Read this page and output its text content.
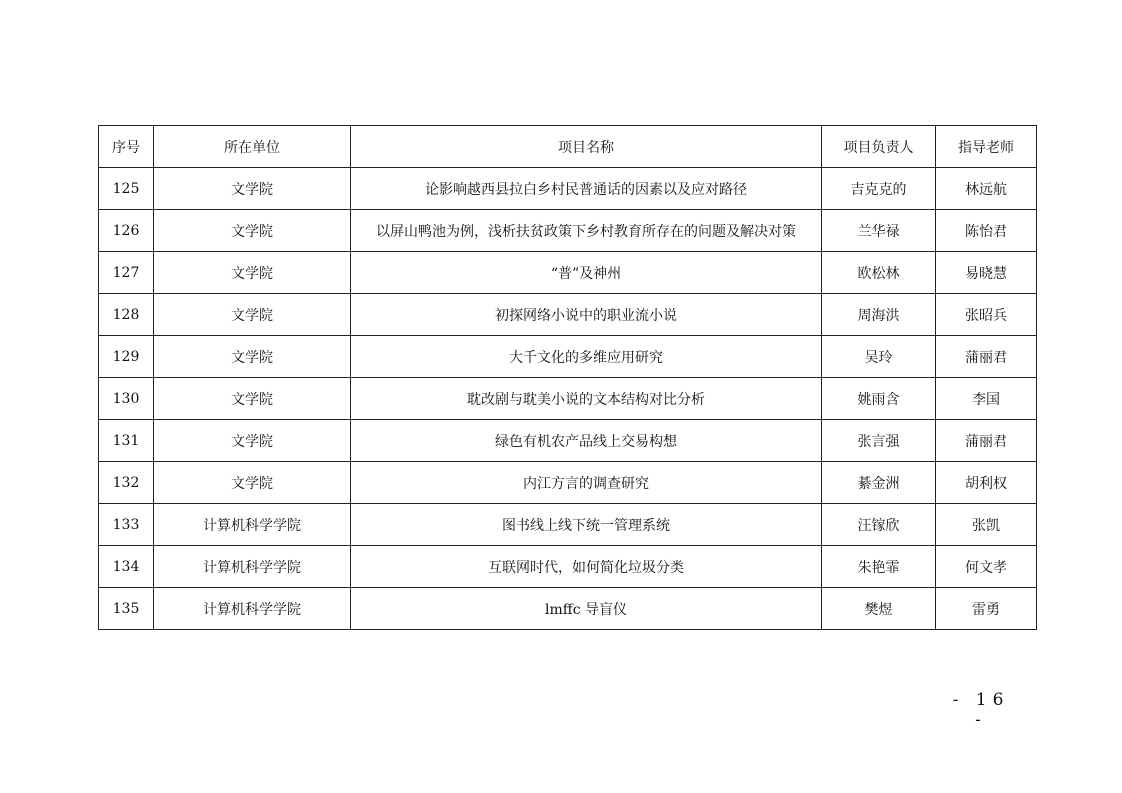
序号	所在单位	项目名称	项目负责人	指导老师
125	文学院	论影响越西县拉白乡村民普通话的因素以及应对路径	吉克克的	林远航
126	文学院	以屏山鸭池为例，浅析扶贫政策下乡村教育所存在的问题及解决对策	兰华禄	陈怡君
127	文学院	“普”及神州	欧松林	易晓慧
128	文学院	初探网络小说中的职业流小说	周海洪	张昭兵
129	文学院	大千文化的多维应用研究	吴玲	蒲丽君
130	文学院	耽改剧与耽美小说的文本结构对比分析	姚雨含	李国
131	文学院	绿色有机农产品线上交易构想	张言强	蒲丽君
132	文学院	内江方言的调查研究	綦金洲	胡利权
133	计算机科学学院	图书线上线下统一管理系统	汪镓欣	张凯
134	计算机科学学院	互联网时代，如何简化垃圾分类	朱艳霏	何文孝
135	计算机科学学院	lmffc 导盲仪	樊煜	雷勇
- 16 -
